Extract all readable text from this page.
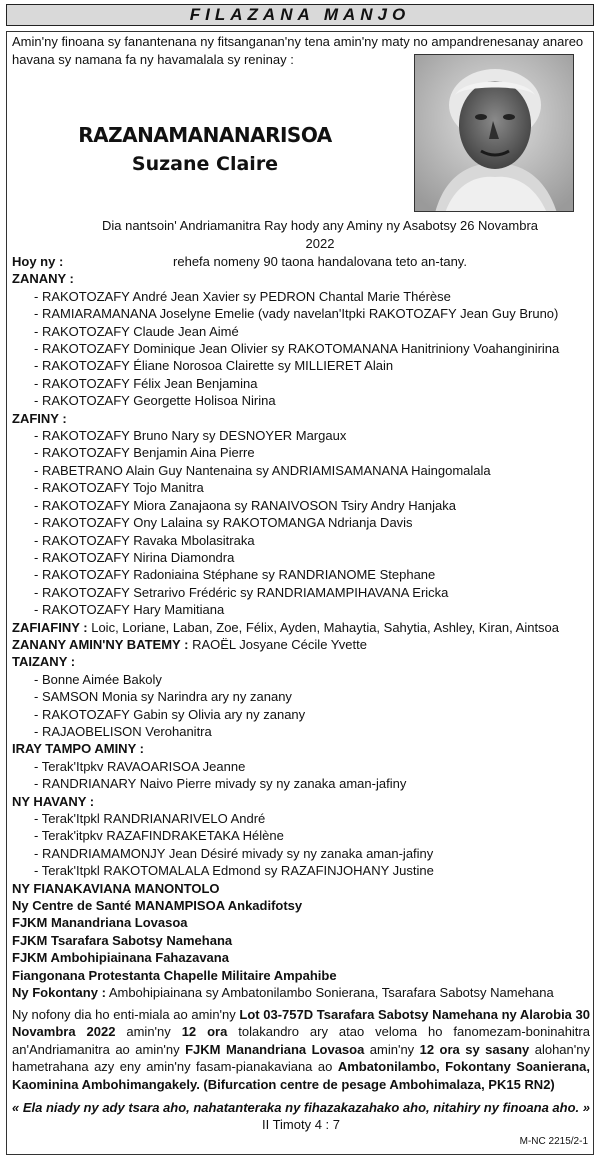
FILAZANA MANJO
Amin'ny finoana sy fanantenana ny fitsanganan'ny tena amin'ny maty no ampandrenesanay anareo havana sy namana fa ny havamalala sy reninay :
RAZANAMANANARISOA
Suzane Claire
Dia nantsoin' Andriamanitra Ray hody any Aminy ny Asabotsy 26 Novambra 2022
rehefa nomeny 90 taona handalovana teto an-tany.
Hoy ny :
ZANANY :
- RAKOTOZAFY André Jean Xavier sy PEDRON Chantal Marie Thérèse
- RAMIARAMANANA Joselyne Emelie (vady navelan'Itpki RAKOTOZAFY Jean Guy Bruno)
- RAKOTOZAFY Claude Jean Aimé
- RAKOTOZAFY Dominique Jean Olivier sy RAKOTOMANANA Hanitriniony Voahanginirina
- RAKOTOZAFY Éliane Norosoa Clairette sy MILLIERET Alain
- RAKOTOZAFY Félix Jean Benjamina
- RAKOTOZAFY Georgette Holisoa Nirina
ZAFINY :
- RAKOTOZAFY Bruno Nary sy DESNOYER Margaux
- RAKOTOZAFY Benjamin Aina Pierre
- RABETRANO Alain Guy Nantenaina sy ANDRIAMISAMANANA Haingomalala
- RAKOTOZAFY Tojo Manitra
- RAKOTOZAFY Miora Zanajaona sy RANAIVOSON Tsiry Andry Hanjaka
- RAKOTOZAFY Ony Lalaina sy RAKOTOMANGA Ndrianja Davis
- RAKOTOZAFY Ravaka Mbolasitraka
- RAKOTOZAFY Nirina Diamondra
- RAKOTOZAFY Radoniaina Stéphane sy RANDRIANOME Stephane
- RAKOTOZAFY Setrarivo Frédéric sy RANDRIAMAMPIHAVANA Ericka
- RAKOTOZAFY Hary Mamitiana
ZAFIAFINY : Loic, Loriane, Laban, Zoe, Félix, Ayden, Mahaytia, Sahytia, Ashley, Kiran, Aintsoa
ZANANY AMIN'NY BATEMY : RAOËL Josyane Cécile Yvette
TAIZANY :
- Bonne Aimée Bakoly
- SAMSON Monia sy Narindra ary ny zanany
- RAKOTOZAFY Gabin sy Olivia ary ny zanany
- RAJAOBELISON Verohanitra
IRAY TAMPO AMINY :
- Terak'Itpkv RAVAOARISOA Jeanne
- RANDRIANARY Naivo Pierre mivady sy ny zanaka aman-jafiny
NY HAVANY :
- Terak'Itpkl RANDRIANARIVELO André
- Terak'itpkv RAZAFINDRAKETAKA Hélène
- RANDRIAMAMONJY Jean Désiré mivady sy ny zanaka aman-jafiny
- Terak'Itpkl RAKOTOMALALA Edmond sy RAZAFINJOHANY Justine
NY FIANAKAVIANA MANONTOLO
Ny Centre de Santé MANAMPISOA Ankadifotsy
FJKM Manandriana Lovasoa
FJKM Tsarafara Sabotsy Namehana
FJKM Ambohipiainana Fahazavana
Fiangonana Protestanta Chapelle Militaire Ampahibe
Ny Fokontany : Ambohipiainana sy Ambatonilambo Sonierana, Tsarafara Sabotsy Namehana
Ny nofony dia ho enti-miala ao amin'ny Lot 03-757D Tsarafara Sabotsy Namehana ny Alarobia 30 Novambra 2022 amin'ny 12 ora tolakandro ary atao veloma ho fanomezam-boninahitra an'Andriamanitra ao amin'ny FJKM Manandriana Lovasoa amin'ny 12 ora sy sasany alohan'ny hametrahana azy eny amin'ny fasam-pianakaviana ao Ambatonilambo, Fokontany Soanierana, Kaominina Ambohimangakely. (Bifurcation centre de pesage Ambohimalaza, PK15 RN2)
« Ela niady ny ady tsara aho, nahatanteraka ny fihazakazahako aho, nitahiry ny finoana aho. »
II Timoty 4 : 7
M-NC 2215/2-1
